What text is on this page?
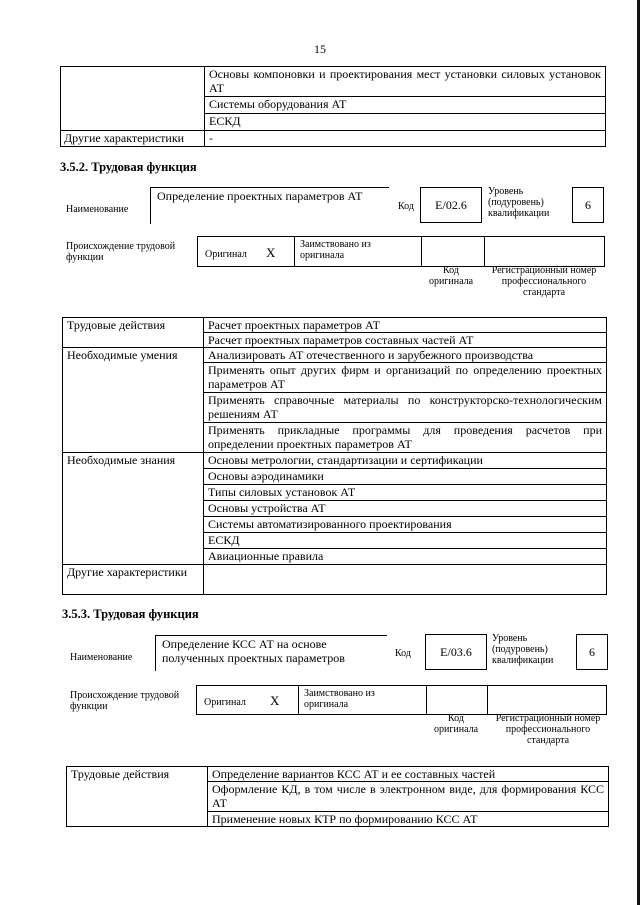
15
	Основы компоновки и проектирования мест установки силовых установок АТ
	Системы оборудования АТ
	ЕСКД
Другие характеристики	-
3.5.2. Трудовая функция
Наименование
Определение проектных параметров АТ
Код E/02.6
Уровень (подуровень) квалификации
6
Происхождение трудовой функции	Оригинал X
Заимствовано из оригинала
Код оригинала
Регистрационный номер профессионального стандарта
Трудовые действия	Расчет проектных параметров АТ
	Расчет проектных параметров составных частей АТ
Необходимые умения	Анализировать АТ отечественного и зарубежного производства
	Применять опыт других фирм и организаций по определению проектных параметров АТ
	Применять справочные материалы по конструкторско-технологическим решениям АТ
	Применять прикладные программы для проведения расчетов при определении проектных параметров АТ
Необходимые знания	Основы метрологии, стандартизации и сертификации
	Основы аэродинамики
	Типы силовых установок АТ
	Основы устройства АТ
	Системы автоматизированного проектирования
	ЕСКД
	Авиационные правила
Другие характеристики	
3.5.3. Трудовая функция
Наименование
Определение КСС АТ на основе полученных проектных параметров	Код E/03.6
Уровень (подуровень) квалификации
6
Происхождение трудовой функции	Оригинал X Заимствовано из оригинала
Код оригинала
Регистрационный номер профессионального стандарта
Трудовые действия	Определение вариантов КСС АТ и ее составных частей
Оформление КД, в том числе в электронном виде, для формирования КСС АТ
Применение новых КТР по формированию КСС АТ
